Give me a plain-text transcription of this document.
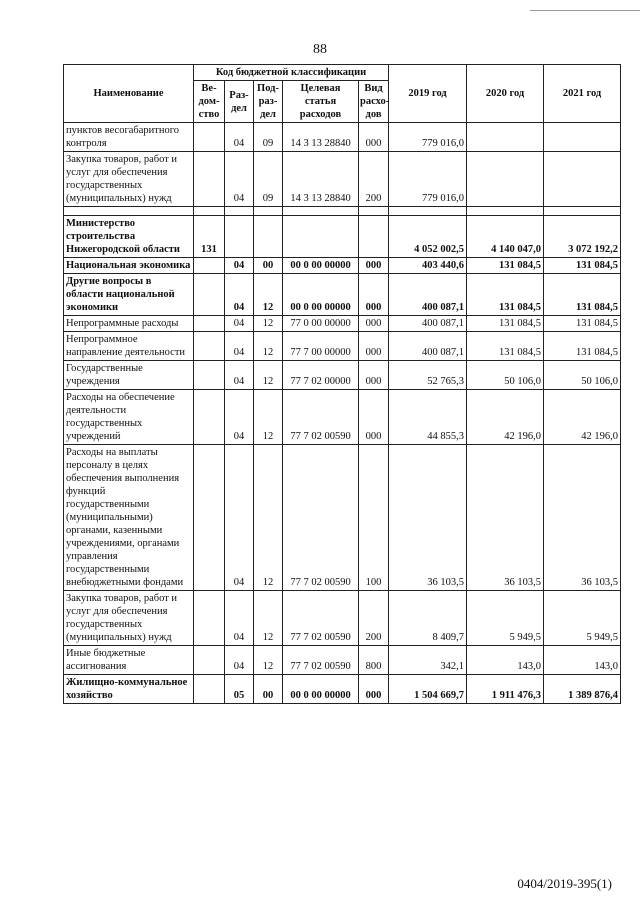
88
Наименование	Код бюджетной классификации					2019 год	2020 год	2021 год
	Ве-
дом-
ство	Раз-
дел	Под-
раз-
дел	Целевая
статья
расходов	Вид
расхо-
дов			
пунктов весогабаритного контроля		04	09	14 3 13 28840	000	779 016,0		
Закупка товаров, работ и услуг для обеспечения государственных (муниципальных) нужд		04	09	14 3 13 28840	200	779 016,0		

Министерство строительства Нижегородской области	131					4 052 002,5	4 140 047,0	3 072 192,2
Национальная экономика		04	00	00 0 00 00000	000	403 440,6	131 084,5	131 084,5
Другие вопросы в области национальной экономики		04	12	00 0 00 00000	000	400 087,1	131 084,5	131 084,5
Непрограммные расходы		04	12	77 0 00 00000	000	400 087,1	131 084,5	131 084,5
Непрограммное направление деятельности		04	12	77 7 00 00000	000	400 087,1	131 084,5	131 084,5
Государственные учреждения		04	12	77 7 02 00000	000	52 765,3	50 106,0	50 106,0
Расходы на обеспечение деятельности государственных учреждений		04	12	77 7 02 00590	000	44 855,3	42 196,0	42 196,0
Расходы на выплаты персоналу в целях обеспечения выполнения функций государственными (муниципальными) органами, казенными учреждениями, органами управления государственными внебюджетными фондами		04	12	77 7 02 00590	100	36 103,5	36 103,5	36 103,5
Закупка товаров, работ и услуг для обеспечения государственных (муниципальных) нужд		04	12	77 7 02 00590	200	8 409,7	5 949,5	5 949,5
Иные бюджетные ассигнования		04	12	77 7 02 00590	800	342,1	143,0	143,0
Жилищно-коммунальное хозяйство		05	00	00 0 00 00000	000	1 504 669,7	1 911 476,3	1 389 876,4
0404/2019-395(1)
